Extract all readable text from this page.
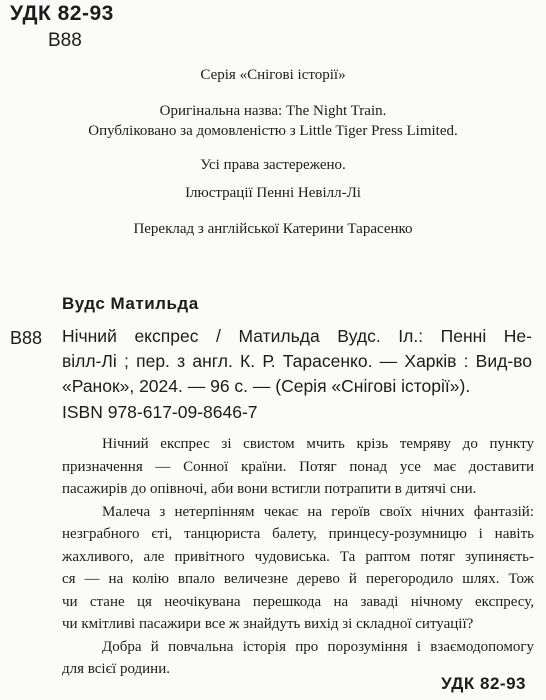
УДК 82-93
В88
Серія «Снігові історії»
Оригінальна назва: The Night Train.
Опубліковано за домовленістю з Little Tiger Press Limited.
Усі права застережено.
Ілюстрації Пенні Невілл-Лі
Переклад з англійської Катерини Тарасенко
Вудс Матильда
В88 Нічний експрес / Матильда Вудс. Іл.: Пенні Не-
вілл-Лі ; пер. з англ. К. Р. Тарасенко. — Харків : Вид-во
«Ранок», 2024. — 96 с. — (Серія «Снігові історії»).
ISBN 978-617-09-8646-7
Нічний експрес зі свистом мчить крізь темряву до пункту
призначення — Сонної країни. Потяг понад усе має доставити
пасажирів до опівночі, аби вони встигли потрапити в дитячі сни.
Малеча з нетерпінням чекає на героїв своїх нічних фантазій:
незграбного єті, танцюриста балету, принцесу-розумницю і навіть
жахливого, але привітного чудовиська. Та раптом потяг зупиняєть-
ся — на колію впало величезне дерево й перегородило шлях. Тож
чи стане ця неочікувана перешкода на заваді нічному експресу,
чи кмітливі пасажири все ж знайдуть вихід зі складної ситуації?
Добра й повчальна історія про порозуміння і взаємодопомогу
для всієї родини.
УДК 82-93
